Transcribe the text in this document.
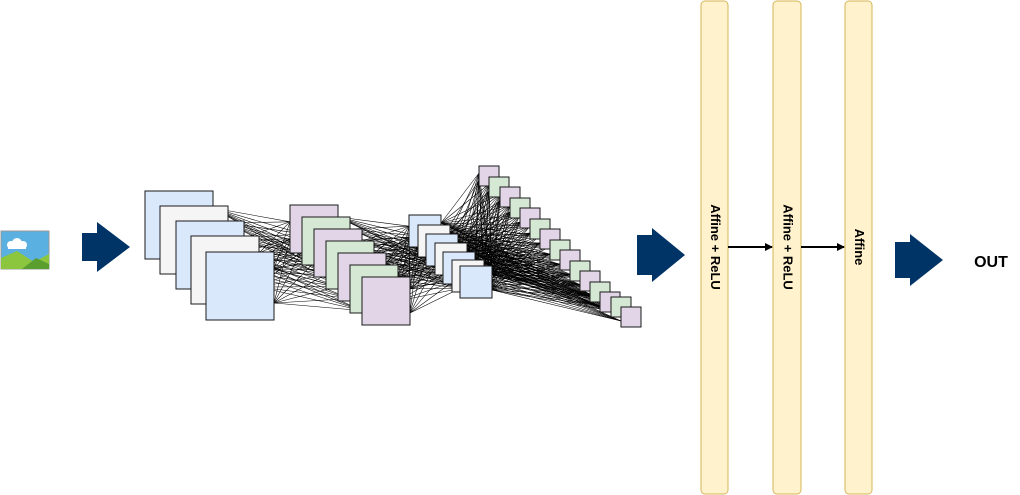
Affine + ReLU	Affine + ReLU	Affine	OUT
